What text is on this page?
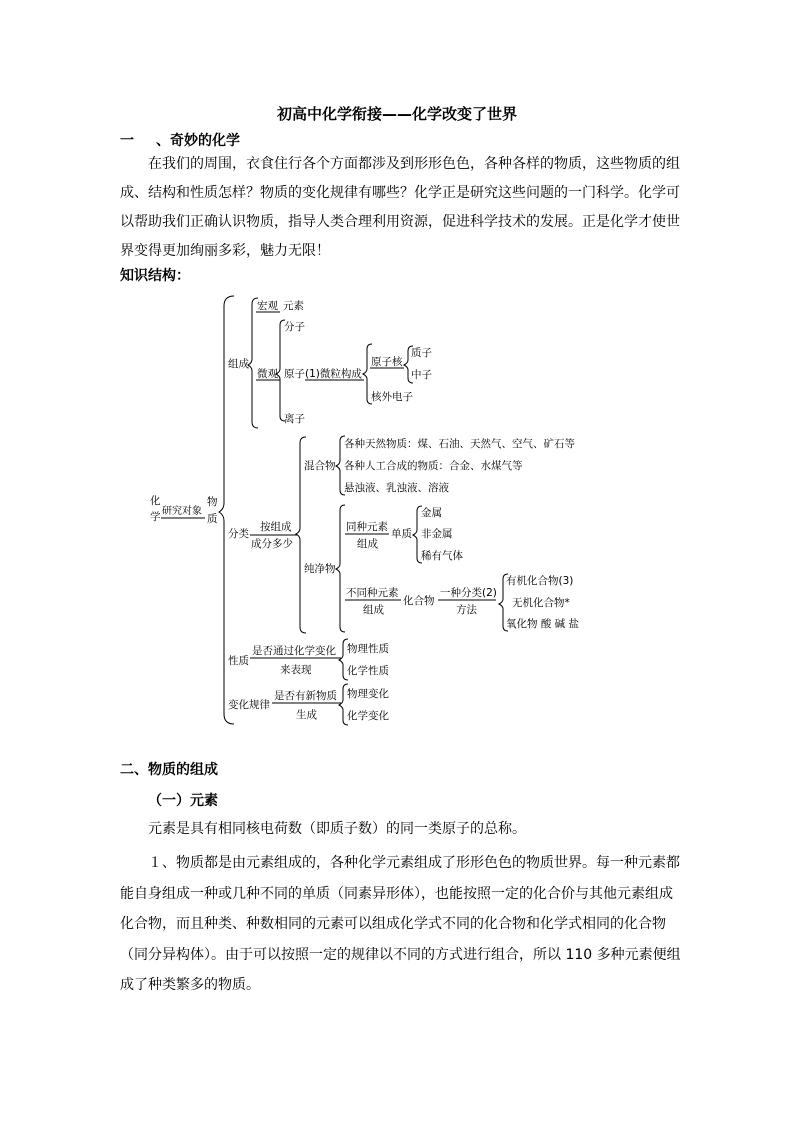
初高中化学衔接——化学改变了世界
一 、奇妙的化学
在我们的周围，衣食住行各个方面都涉及到形形色色，各种各样的物质，这些物质的组
成、结构和性质怎样？物质的变化规律有哪些？化学正是研究这些问题的一门科学。化学可
以帮助我们正确认识物质，指导人类合理利用资源，促进科学技术的发展。正是化学才使世
界变得更加绚丽多彩，魅力无限！
知识结构：
化
学 研究对象
物
质
组成
宏观 元素
微观
分子
原子(1)微粒构成
离子
原子核
核外电子
质子
中子
分类
按组成
成分多少
混合物
各种天然物质：煤、石油、天然气、空气、矿石等
各种人工合成的物质：合金、水煤气等
悬浊液、乳浊液、溶液
纯净物
同种元素
组成
单质
金属
非金属
稀有气体
不同种元素
组成
化合物
一种分类(2)
方法
有机化合物(3)
无机化合物*
氧化物 酸 碱 盐
性质
是否通过化学变化
来表现
物理性质
化学性质
变化规律
是否有新物质
生成
物理变化
化学变化
二、物质的组成
（一）元素
元素是具有相同核电荷数（即质子数）的同一类原子的总称。
１、物质都是由元素组成的，各种化学元素组成了形形色色的物质世界。每一种元素都
能自身组成一种或几种不同的单质（同素异形体），也能按照一定的化合价与其他元素组成
化合物，而且种类、种数相同的元素可以组成化学式不同的化合物和化学式相同的化合物
（同分异构体）。由于可以按照一定的规律以不同的方式进行组合，所以 110 多种元素便组
成了种类繁多的物质。
